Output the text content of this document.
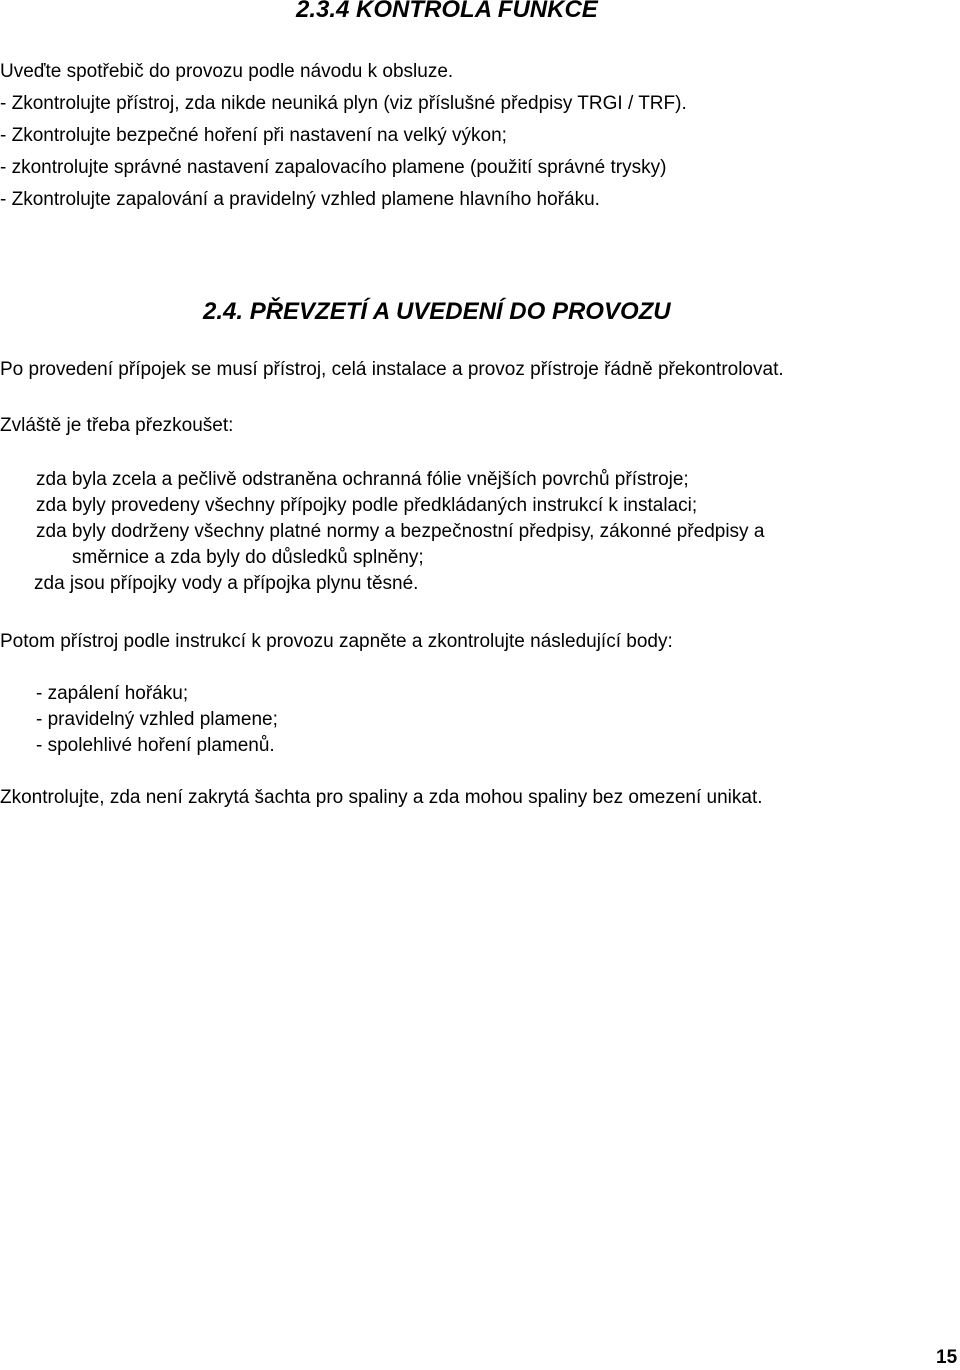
2.3.4 KONTROLA FUNKCE
Uveďte spotřebič do provozu podle návodu k obsluze.
- Zkontrolujte přístroj, zda nikde neuniká plyn (viz příslušné předpisy TRGI / TRF).
- Zkontrolujte bezpečné hoření při nastavení na velký výkon;
- zkontrolujte správné nastavení zapalovacího plamene (použití správné trysky)
- Zkontrolujte zapalování a pravidelný vzhled plamene hlavního hořáku.
2.4. PŘEVZETÍ A UVEDENÍ DO PROVOZU
Po provedení přípojek se musí přístroj, celá instalace a provoz přístroje řádně překontrolovat.
Zvláště je třeba přezkoušet:
zda byla zcela a pečlivě odstraněna ochranná fólie vnějších povrchů přístroje;
zda byly provedeny všechny přípojky podle předkládaných instrukcí k instalaci;
zda byly dodrženy všechny platné normy a bezpečnostní předpisy, zákonné předpisy a
směrnice a zda byly do důsledků splněny;
zda jsou přípojky vody a přípojka plynu těsné.
Potom přístroj podle instrukcí k provozu zapněte a zkontrolujte následující body:
- zapálení hořáku;
- pravidelný vzhled plamene;
- spolehlivé hoření plamenů.
Zkontrolujte, zda není zakrytá šachta pro spaliny a zda mohou spaliny bez omezení unikat.
15
